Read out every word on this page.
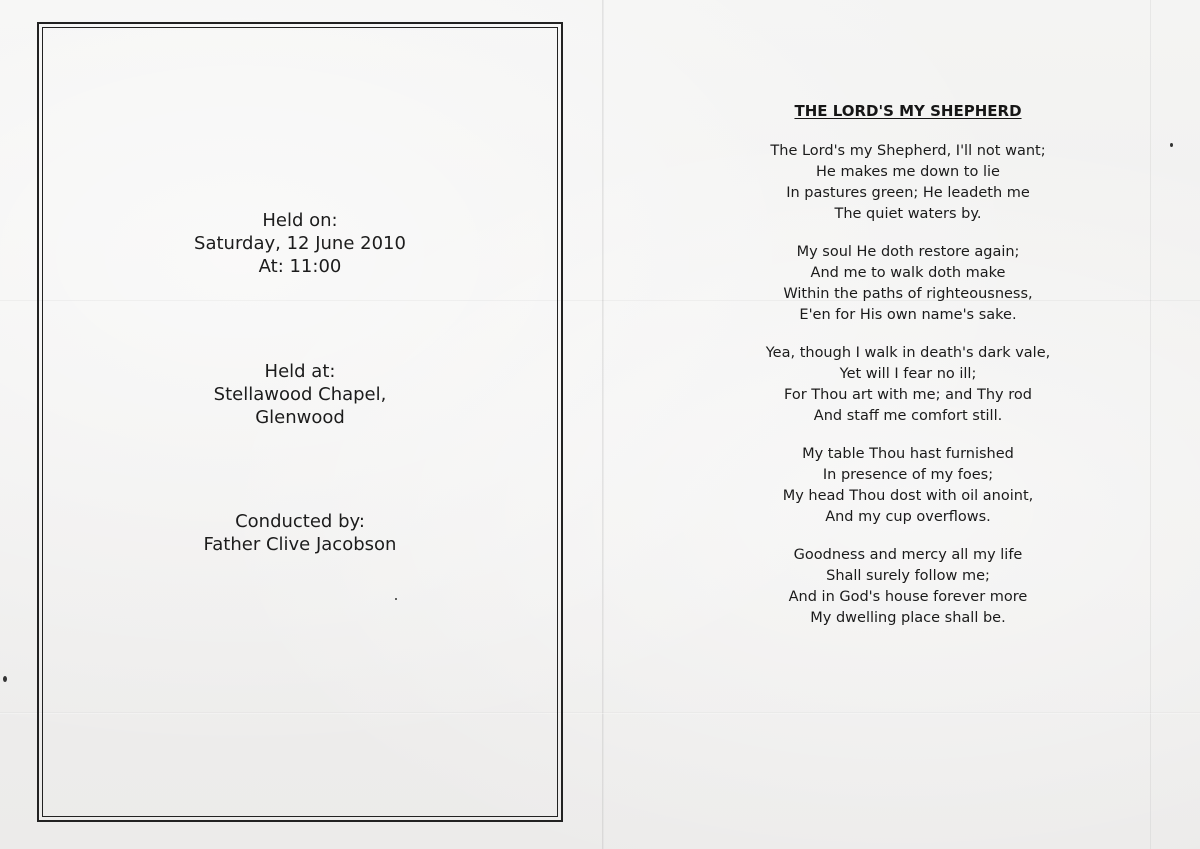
Held on:
Saturday, 12 June 2010
At: 11:00
Held at:
Stellawood Chapel,
Glenwood
Conducted by:
Father Clive Jacobson
THE LORD'S MY SHEPHERD
The Lord's my Shepherd, I'll not want;
He makes me down to lie
In pastures green; He leadeth me
The quiet waters by.
My soul He doth restore again;
And me to walk doth make
Within the paths of righteousness,
E'en for His own name's sake.
Yea, though I walk in death's dark vale,
Yet will I fear no ill;
For Thou art with me; and Thy rod
And staff me comfort still.
My table Thou hast furnished
In presence of my foes;
My head Thou dost with oil anoint,
And my cup overflows.
Goodness and mercy all my life
Shall surely follow me;
And in God's house forever more
My dwelling place shall be.
